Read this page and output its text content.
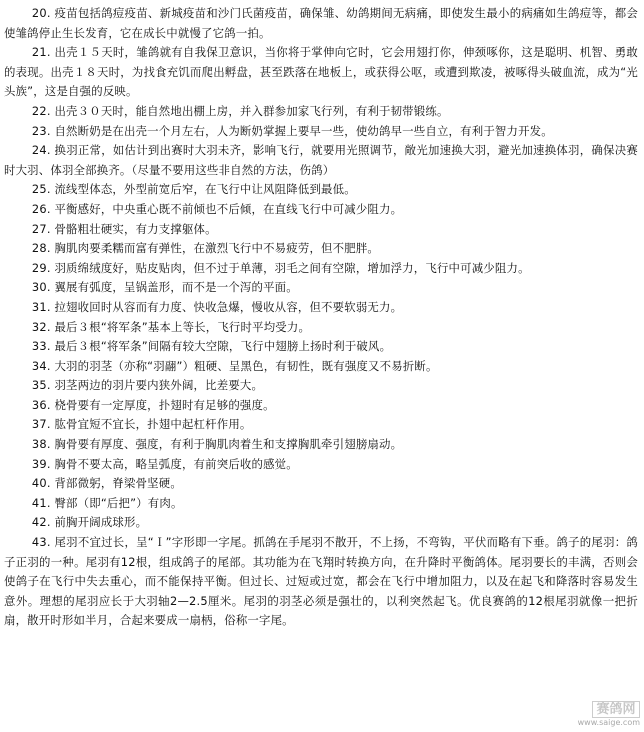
20. 疫苗包括鸽痘疫苗、新城疫苗和沙门氏菌疫苗，确保雏、幼鸽期间无病痛，即使发生最小的病痛如生鸽痘等，都会使雏鸽停止生长发育，它在成长中就慢了它鸽一拍。

21. 出壳１５天时，雏鸽就有自我保卫意识，当你将于掌伸向它时，它会用翅打你，伸颈啄你，这是聪明、机智、勇敢的表现。出壳１８天时，为找食充饥而爬出孵盘，甚至跌落在地板上，或获得公呕，或遭到欺凌，被啄得头破血流，成为“光头族”，这是自强的反映。

22. 出壳３０天时，能自然地出棚上房，并入群参加家飞行列，有利于韧带锻练。

23. 自然断奶是在出壳一个月左右，人为断奶掌握上要早一些，使幼鸽早一些自立，有利于智力开发。

24. 换羽正常，如估计到出赛时大羽未齐，影响飞行，就要用光照调节，敞光加速换大羽，避光加速换体羽，确保决赛时大羽、体羽全部换齐。（尽量不要用这些非自然的方法，伤鸽）

25. 流线型体态，外型前宽后窄，在飞行中让风阻降低到最低。

26. 平衡感好，中央重心既不前倾也不后倾，在直线飞行中可减少阻力。

27. 骨骼粗壮硬实，有力支撑躯体。

28. 胸肌肉要柔糯而富有弹性，在激烈飞行中不易疲劳，但不肥胖。

29. 羽质绵绒度好，贴皮贴肉，但不过于单薄，羽毛之间有空隙，增加浮力，飞行中可减少阻力。

30. 翼展有弧度，呈锅盖形，而不是一个泻的平面。

31. 拉翅收回时从容而有力度、快收急爆，慢收从容，但不要软弱无力。

32. 最后３根“将军条”基本上等长，飞行时平均受力。

33. 最后３根“将军条”间隔有较大空隙，飞行中翅膀上扬时利于破风。

34. 大羽的羽茎（亦称“羽翮”）粗硬、呈黑色，有韧性，既有强度又不易折断。

35. 羽茎两边的羽片要内狭外阔，比差要大。

36. 桡骨要有一定厚度，扑翅时有足够的强度。

37. 肱骨宜短不宜长，扑翅中起杠杆作用。

38. 胸骨要有厚度、强度，有利于胸肌肉着生和支撑胸肌牵引翅膀扇动。

39. 胸骨不要太高，略呈弧度，有前突后收的感觉。

40. 背部微躬，脊梁骨坚硬。

41. 臀部（即“后把”）有肉。

42. 前胸开阔成球形。

43. 尾羽不宜过长，呈“Ｉ”字形即一字尾。抓鸽在手尾羽不散开，不上扬，不弯钩，平伏而略有下垂。鸽子的尾羽：鸽子正羽的一种。尾羽有12根，组成鸽子的尾部。其功能为在飞翔时转换方向，在升降时平衡鸽体。尾羽要长的丰满，否则会使鸽子在飞行中失去重心，而不能保持平衡。但过长、过短或过宽，都会在飞行中增加阻力，以及在起飞和降落时容易发生意外。理想的尾羽应长于大羽轴2—2.5厘米。尾羽的羽茎必须是强壮的，以利突然起飞。优良赛鸽的12根尾羽就像一把折扇，散开时形如半月，合起来要成一扇柄，俗称一字尾。

赛鸽网
www.saige.com
